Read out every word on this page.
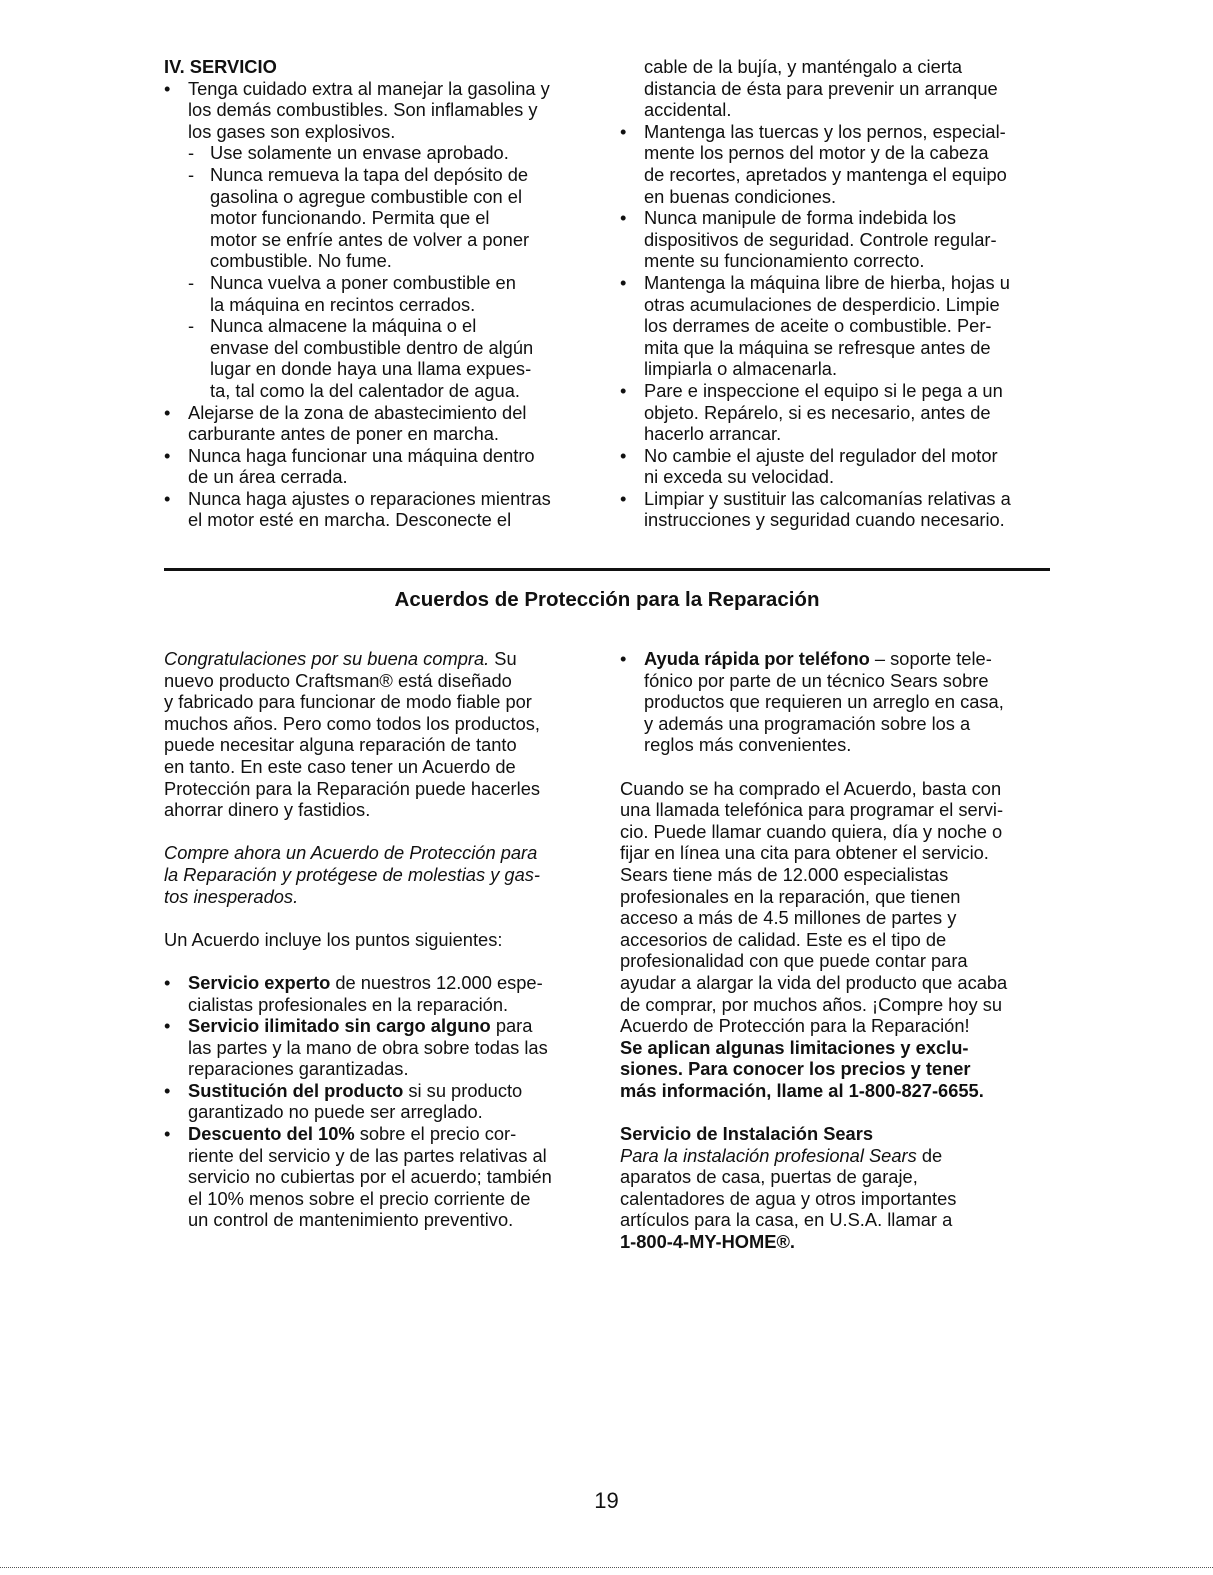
IV. SERVICIO
• Tenga cuidado extra al manejar la gasolina y
los demás combustibles. Son inflamables y
los gases son explosivos.
- Use solamente un envase aprobado.
- Nunca remueva la tapa del depósito de
gasolina o agregue combustible con el
motor funcionando. Permita que el
motor se enfríe antes de volver a poner
combustible. No fume.
- Nunca vuelva a poner combustible en
la máquina en recintos cerrados.
- Nunca almacene la máquina o el
envase del combustible dentro de algún
lugar en donde haya una llama expues-
ta, tal como la del calentador de agua.
• Alejarse de la zona de abastecimiento del
carburante antes de poner en marcha.
• Nunca haga funcionar una máquina dentro
de un área cerrada.
• Nunca haga ajustes o reparaciones mientras
el motor esté en marcha. Desconecte el
cable de la bujía, y manténgalo a cierta
distancia de ésta para prevenir un arranque
accidental.
• Mantenga las tuercas y los pernos, especial-
mente los pernos del motor y de la cabeza
de recortes, apretados y mantenga el equipo
en buenas condiciones.
• Nunca manipule de forma indebida los
dispositivos de seguridad. Controle regular-
mente su funcionamiento correcto.
• Mantenga la máquina libre de hierba, hojas u
otras acumulaciones de desperdicio. Limpie
los derrames de aceite o combustible. Per-
mita que la máquina se refresque antes de
limpiarla o almacenarla.
• Pare e inspeccione el equipo si le pega a un
objeto. Repárelo, si es necesario, antes de
hacerlo arrancar.
• No cambie el ajuste del regulador del motor
ni exceda su velocidad.
• Limpiar y sustituir las calcomanías relativas a
instrucciones y seguridad cuando necesario.
Acuerdos de Protección para la Reparación
Congratulaciones por su buena compra. Su
nuevo producto Craftsman® está diseñado
y fabricado para funcionar de modo fiable por
muchos años. Pero como todos los productos,
puede necesitar alguna reparación de tanto
en tanto. En este caso tener un Acuerdo de
Protección para la Reparación puede hacerles
ahorrar dinero y fastidios.
Compre ahora un Acuerdo de Protección para
la Reparación y protégese de molestias y gas-
tos inesperados.
Un Acuerdo incluye los puntos siguientes:
• Servicio experto de nuestros 12.000 espe-
cialistas profesionales en la reparación.
• Servicio ilimitado sin cargo alguno para
las partes y la mano de obra sobre todas las
reparaciones garantizadas.
• Sustitución del producto si su producto
garantizado no puede ser arreglado.
• Descuento del 10% sobre el precio cor-
riente del servicio y de las partes relativas al
servicio no cubiertas por el acuerdo; también
el 10% menos sobre el precio corriente de
un control de mantenimiento preventivo.
• Ayuda rápida por teléfono – soporte tele-
fónico por parte de un técnico Sears sobre
productos que requieren un arreglo en casa,
y además una programación sobre los a
reglos más convenientes.
Cuando se ha comprado el Acuerdo, basta con
una llamada telefónica para programar el servi-
cio. Puede llamar cuando quiera, día y noche o
fijar en línea una cita para obtener el servicio.
Sears tiene más de 12.000 especialistas
profesionales en la reparación, que tienen
acceso a más de 4.5 millones de partes y
accesorios de calidad. Este es el tipo de
profesionalidad con que puede contar para
ayudar a alargar la vida del producto que acaba
de comprar, por muchos años. ¡Compre hoy su
Acuerdo de Protección para la Reparación!
Se aplican algunas limitaciones y exclu-
siones. Para conocer los precios y tener
más información, llame al 1-800-827-6655.
Servicio de Instalación Sears
Para la instalación profesional Sears de
aparatos de casa, puertas de garaje,
calentadores de agua y otros importantes
artículos para la casa, en U.S.A. llamar a
1-800-4-MY-HOME®.
19
